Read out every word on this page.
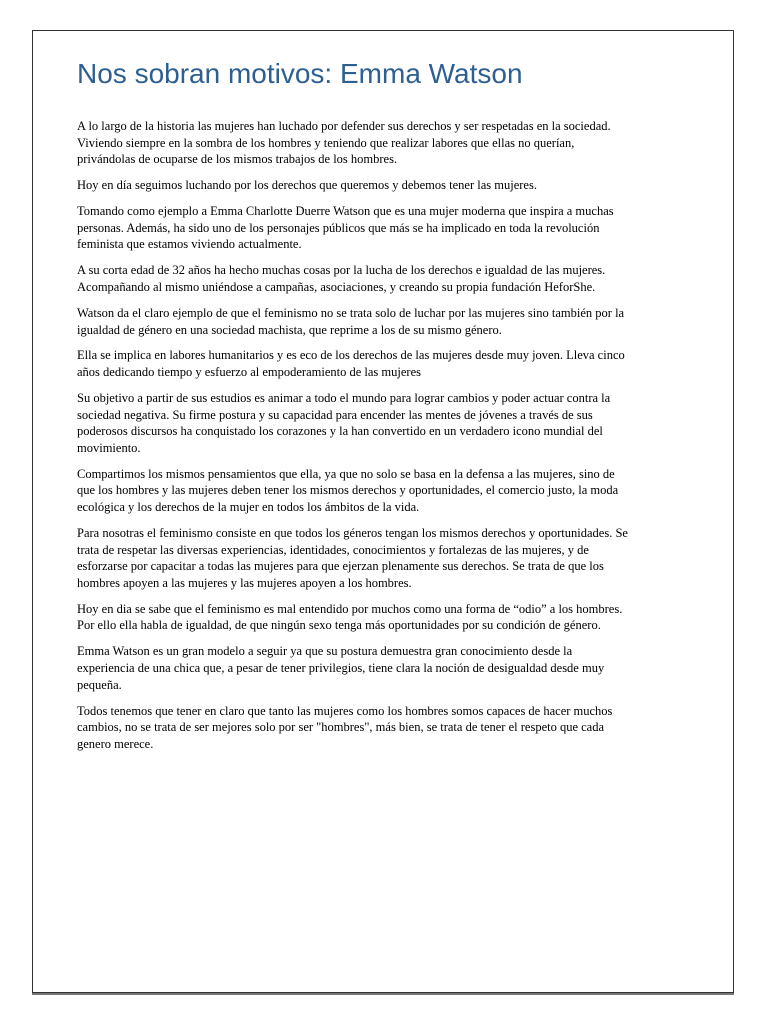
Nos sobran motivos: Emma Watson

A lo largo de la historia las mujeres han luchado por defender sus derechos y ser respetadas en la sociedad. Viviendo siempre en la sombra de los hombres y teniendo que realizar labores que ellas no querían, privándolas de ocuparse de los mismos trabajos de los hombres.

Hoy en día seguimos luchando por los derechos que queremos y debemos tener las mujeres.

Tomando como ejemplo a Emma Charlotte Duerre Watson que es una mujer moderna que inspira a muchas personas. Además, ha sido uno de los personajes públicos que más se ha implicado en toda la revolución feminista que estamos viviendo actualmente.

A su corta edad de 32 años ha hecho muchas cosas por la lucha de los derechos e igualdad de las mujeres. Acompañando al mismo uniéndose a campañas, asociaciones, y creando su propia fundación HeforShe.

Watson da el claro ejemplo de que el feminismo no se trata solo de luchar por las mujeres sino también por la igualdad de género en una sociedad machista, que reprime a los de su mismo género.

Ella se implica en labores humanitarios y es eco de los derechos de las mujeres desde muy joven. Lleva cinco años dedicando tiempo y esfuerzo al empoderamiento de las mujeres

Su objetivo a partir de sus estudios es animar a todo el mundo para lograr cambios y poder actuar contra la sociedad negativa. Su firme postura y su capacidad para encender las mentes de jóvenes a través de sus poderosos discursos ha conquistado los corazones y la han convertido en un verdadero icono mundial del movimiento.

Compartimos los mismos pensamientos que ella, ya que no solo se basa en la defensa a las mujeres, sino de que los hombres y las mujeres deben tener los mismos derechos y oportunidades, el comercio justo, la moda ecológica y los derechos de la mujer en todos los ámbitos de la vida.

Para nosotras el feminismo consiste en que todos los géneros tengan los mismos derechos y oportunidades. Se trata de respetar las diversas experiencias, identidades, conocimientos y fortalezas de las mujeres, y de esforzarse por capacitar a todas las mujeres para que ejerzan plenamente sus derechos. Se trata de que los hombres apoyen a las mujeres y las mujeres apoyen a los hombres.

Hoy en dia se sabe que el feminismo es mal entendido por muchos como una forma de “odio” a los hombres. Por ello ella habla de igualdad, de que ningún sexo tenga más oportunidades por su condición de género.

Emma Watson es un gran modelo a seguir ya que su postura demuestra gran conocimiento desde la experiencia de una chica que, a pesar de tener privilegios, tiene clara la noción de desigualdad desde muy pequeña.

Todos tenemos que tener en claro que tanto las mujeres como los hombres somos capaces de hacer muchos cambios, no se trata de ser mejores solo por ser "hombres", más bien, se trata de tener el respeto que cada genero merece.
